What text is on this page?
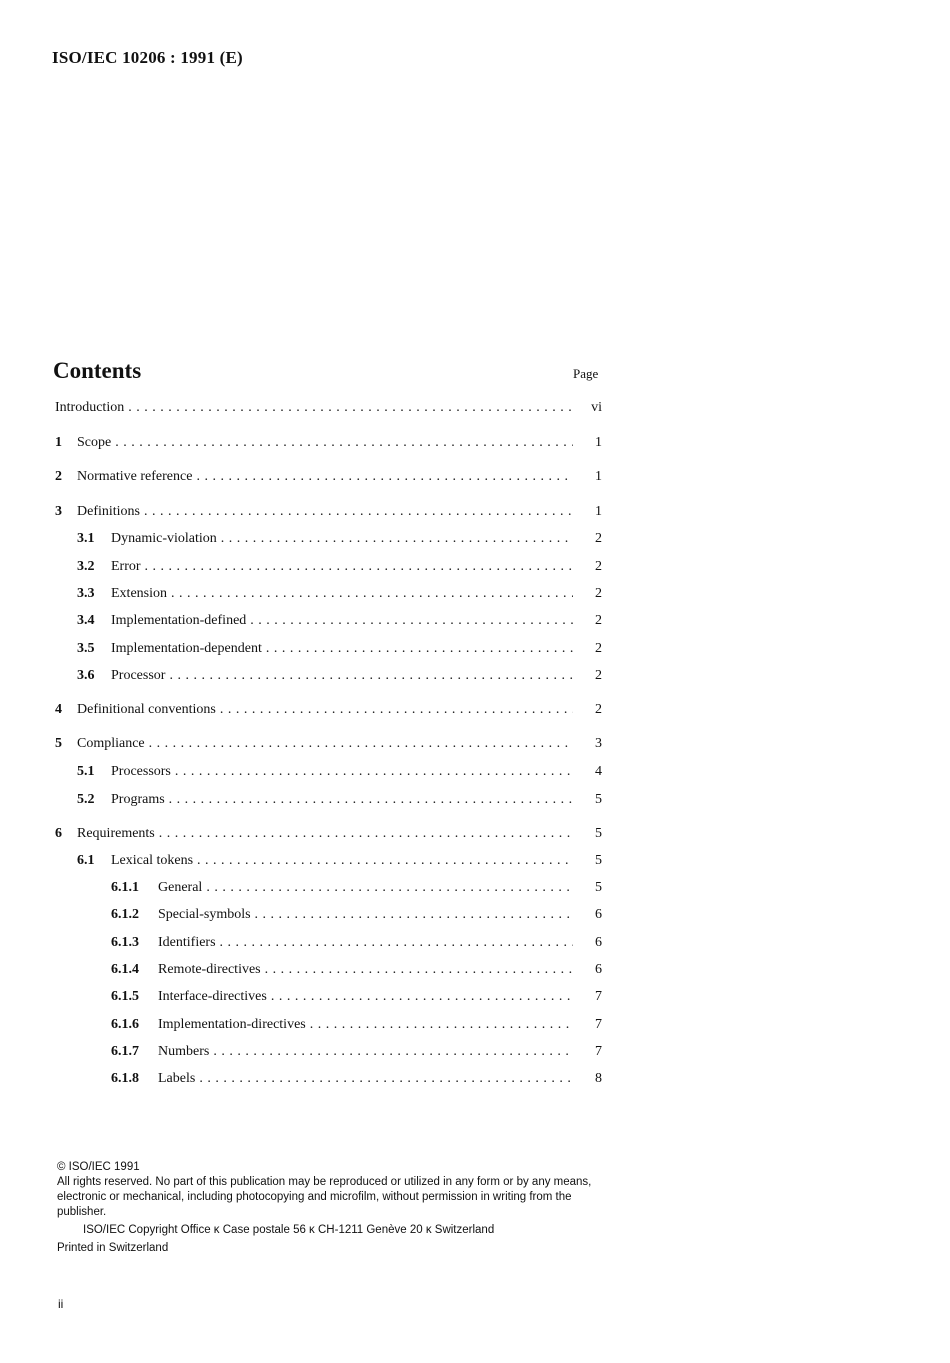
ISO/IEC 10206 : 1991 (E)
Contents	Page
Introduction . . .	vi
1 Scope . . .	1
2 Normative reference . . .	1
3 Definitions . . .	1
3.1 Dynamic-violation . . .	2
3.2 Error . . .	2
3.3 Extension . . .	2
3.4 Implementation-defined . . .	2
3.5 Implementation-dependent . . .	2
3.6 Processor . . .	2
4 Definitional conventions . . .	2
5 Compliance . . .	3
5.1 Processors . . .	4
5.2 Programs . . .	5
6 Requirements . . .	5
6.1 Lexical tokens . . .	5
6.1.1 General . . .	5
6.1.2 Special-symbols . . .	6
6.1.3 Identifiers . . .	6
6.1.4 Remote-directives . . .	6
6.1.5 Interface-directives . . .	7
6.1.6 Implementation-directives . . .	7
6.1.7 Numbers . . .	7
6.1.8 Labels . . .	8

© ISO/IEC 1991

All rights reserved. No part of this publication may be reproduced or utilized in any form or by any means, electronic or mechanical, including photocopying and microfilm, without permission in writing from the publisher.

ISO/IEC Copyright Office ĸ Case postale 56 ĸ CH-1211 Genève 20 ĸ Switzerland

Printed in Switzerland

ii
